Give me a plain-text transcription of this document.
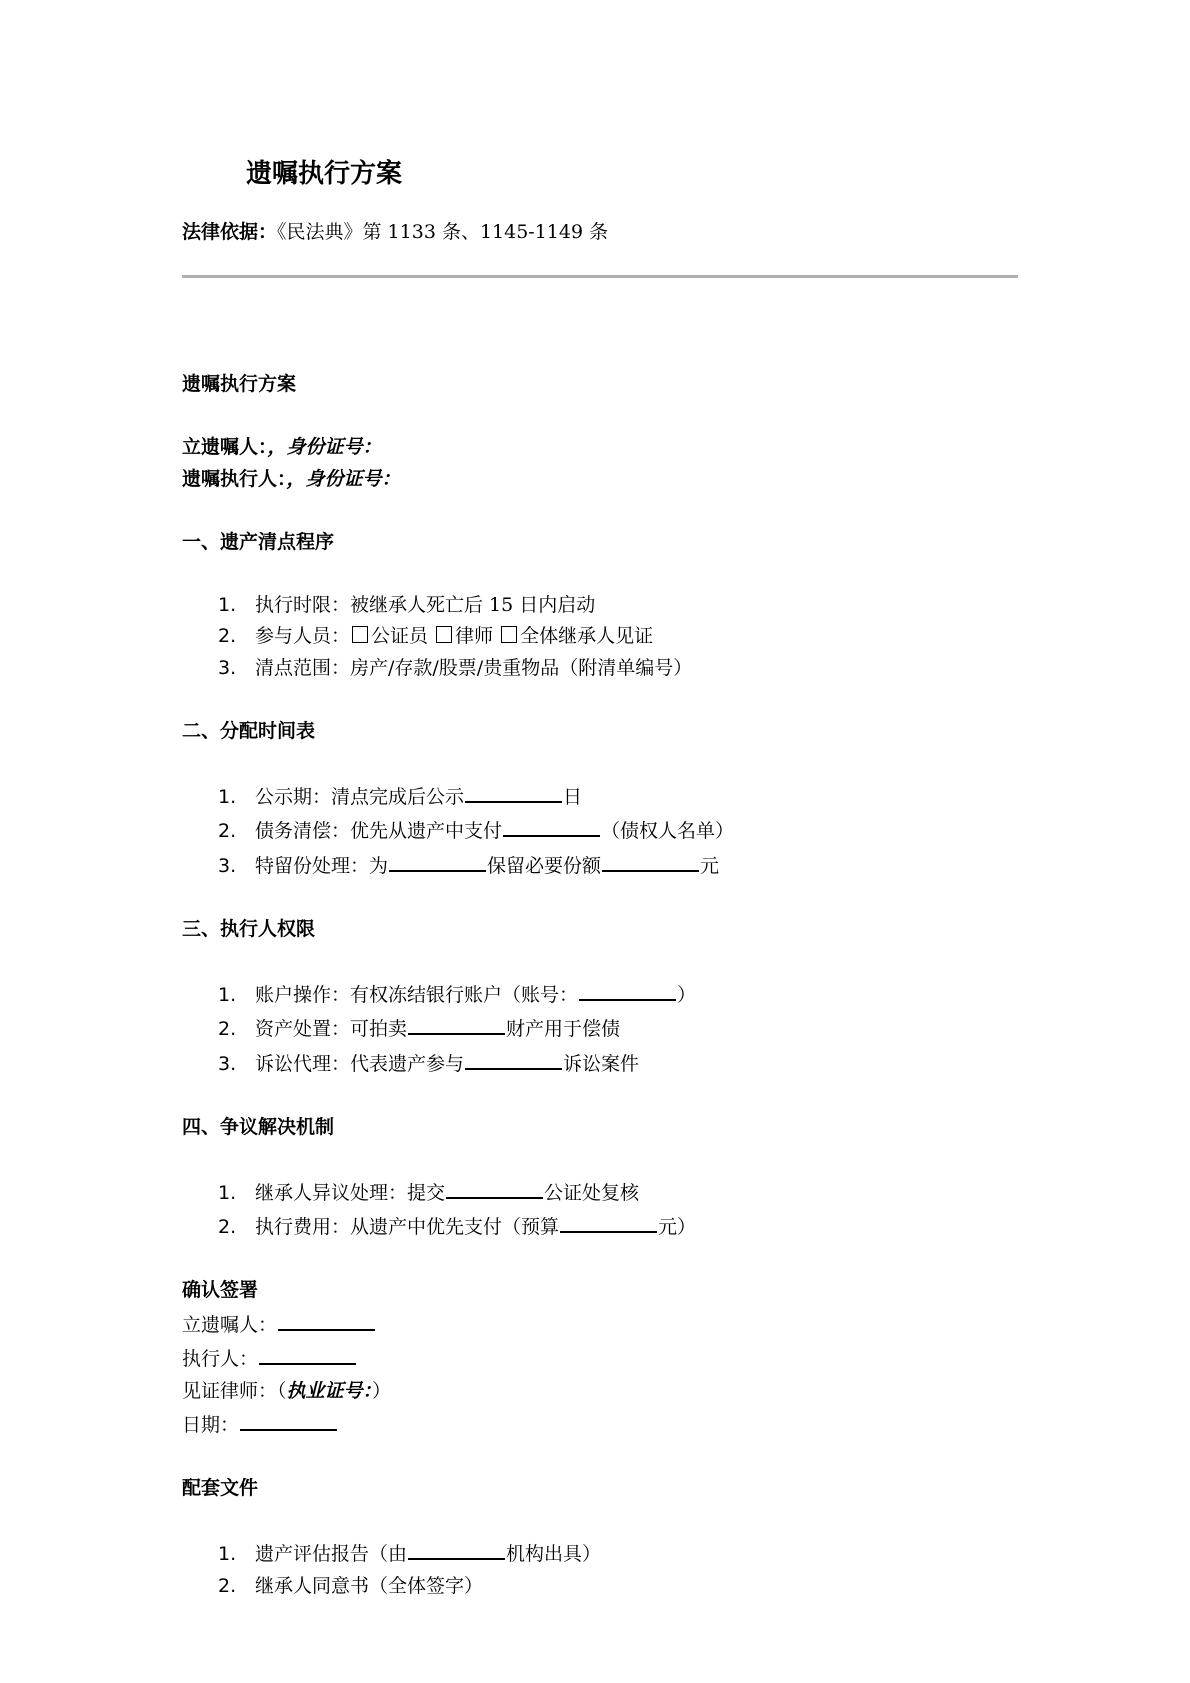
遗嘱执行方案
法律依据：《民法典》第 1133 条、1145-1149 条

遗嘱执行方案

立遗嘱人：，身份证号：

遗嘱执行人：，身份证号：

一、遗产清点程序

1. 执行时限：被继承人死亡后 15 日内启动
2. 参与人员： 公证员 律师 全体继承人见证
3. 清点范围：房产/存款/股票/贵重物品（附清单编号）

二、分配时间表

1. 公示期：清点完成后公示	日
2. 债务清偿：优先从遗产中支付	（债权人名单）
3. 特留份处理：为	保留必要份额	元

三、执行人权限

1. 账户操作：有权冻结银行账户（账号：	）
2. 资产处置：可拍卖	财产用于偿债
3. 诉讼代理：代表遗产参与	诉讼案件

四、争议解决机制

1. 继承人异议处理：提交	公证处复核
2. 执行费用：从遗产中优先支付（预算	元）

确认签署

立遗嘱人：

执行人：

见证律师：（执业证号：）

日期：

配套文件

1. 遗产评估报告（由	机构出具）
2. 继承人同意书（全体签字）
